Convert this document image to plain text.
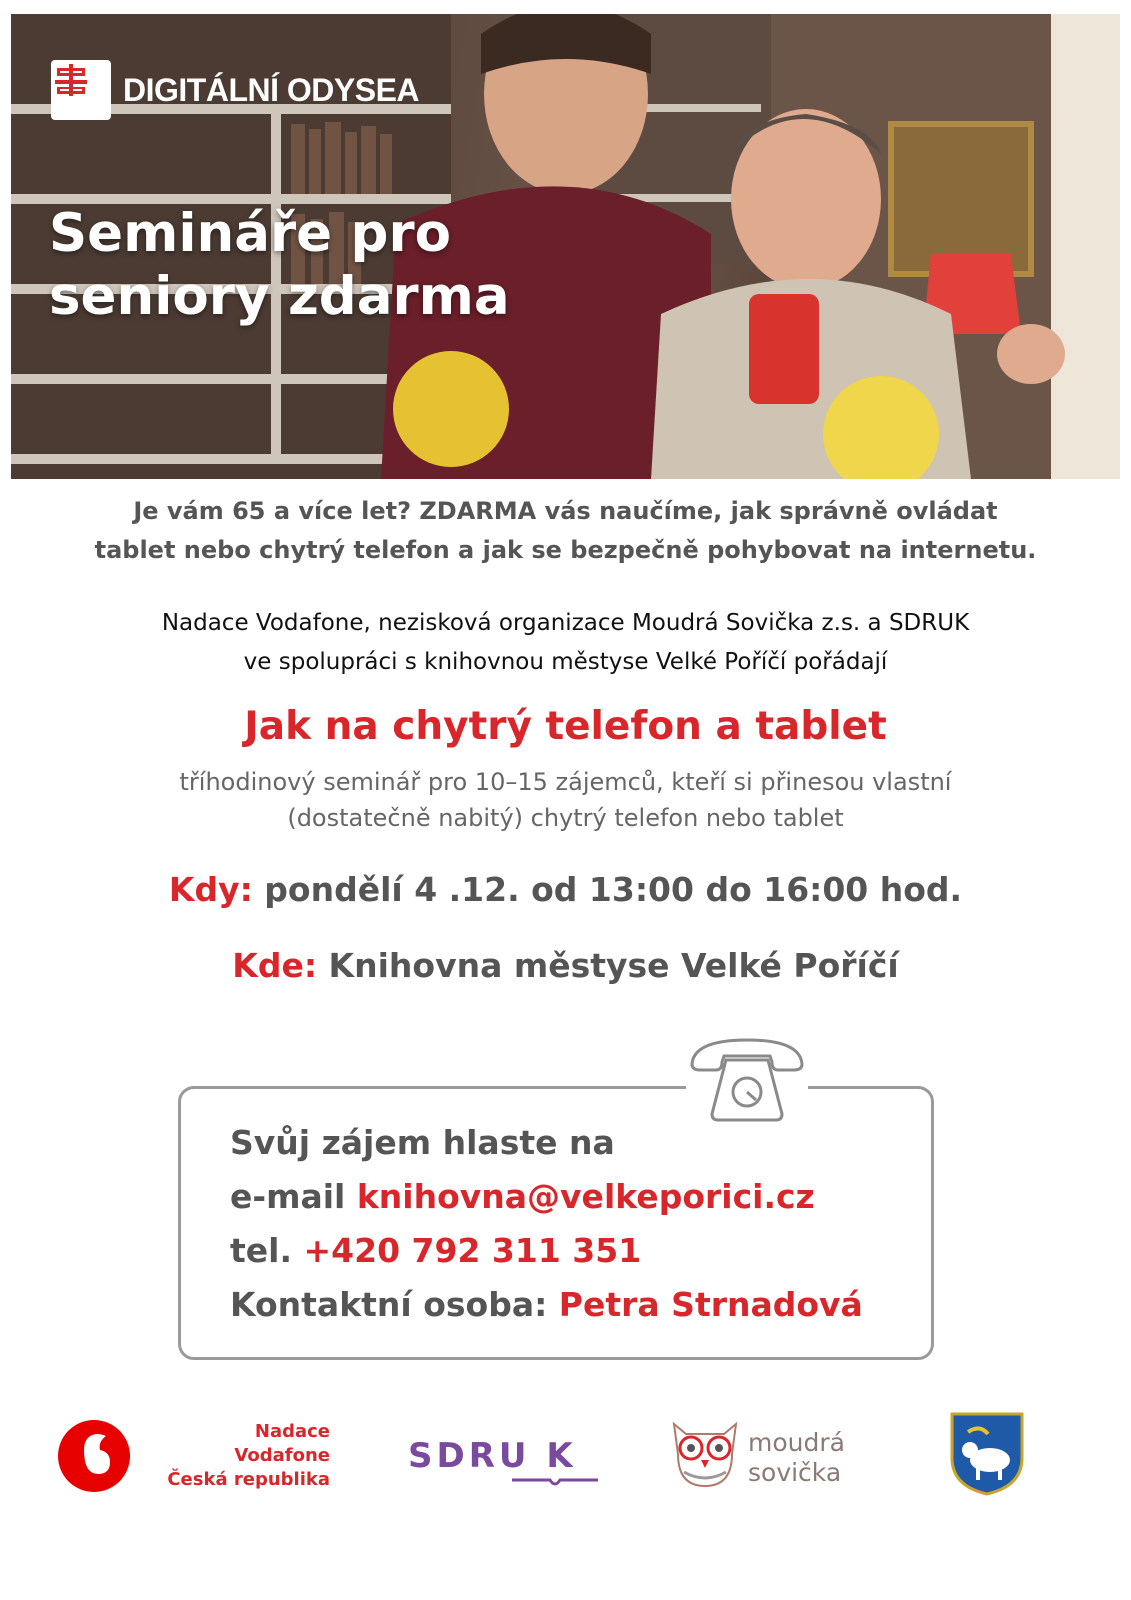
DIGITÁLNÍ ODYSEA
Semináře pro
seniory zdarma
Je vám 65 a více let? ZDARMA vás naučíme, jak správně ovládat
tablet nebo chytrý telefon a jak se bezpečně pohybovat na internetu.
Nadace Vodafone, nezisková organizace Moudrá Sovička z.s. a SDRUK
ve spolupráci s knihovnou městyse Velké Poříčí pořádají
Jak na chytrý telefon a tablet
tříhodinový seminář pro 10–15 zájemců, kteří si přinesou vlastní
(dostatečně nabitý) chytrý telefon nebo tablet
Kdy: pondělí 4 .12. od 13:00 do 16:00 hod.
Kde: Knihovna městyse Velké Poříčí
Svůj zájem hlaste na
e-mail knihovna@velkeporici.cz
tel. +420 792 311 351
Kontaktní osoba: Petra Strnadová
Nadace
Vodafone
Česká republika
SDRU K	moudrá
sovička
